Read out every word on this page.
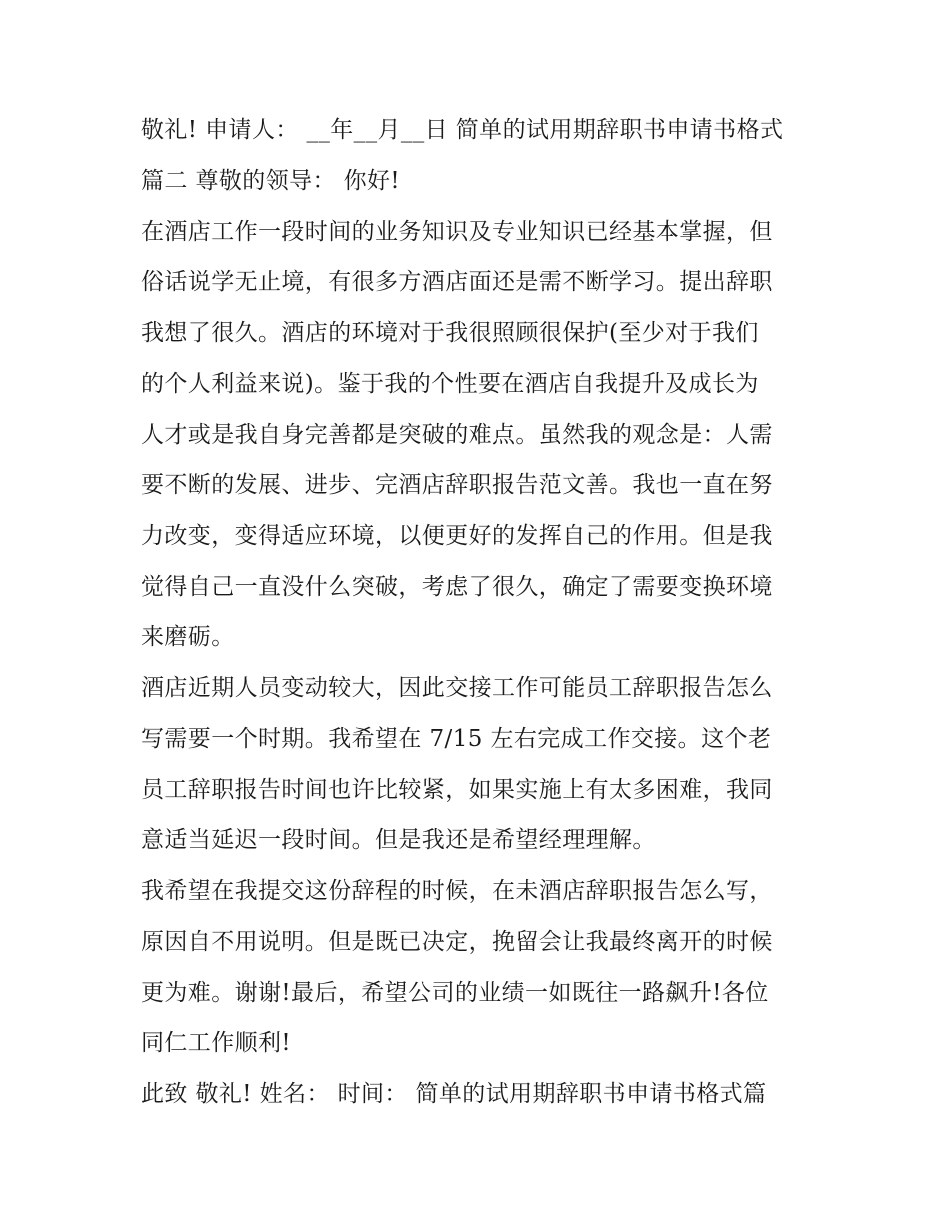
敬礼! 申请人： __年__月__日 简单的试用期辞职书申请书格式
篇二 尊敬的领导： 你好!
在酒店工作一段时间的业务知识及专业知识已经基本掌握，但
俗话说学无止境，有很多方酒店面还是需不断学习。提出辞职
我想了很久。酒店的环境对于我很照顾很保护(至少对于我们
的个人利益来说)。鉴于我的个性要在酒店自我提升及成长为
人才或是我自身完善都是突破的难点。虽然我的观念是：人需
要不断的发展、进步、完酒店辞职报告范文善。我也一直在努
力改变，变得适应环境，以便更好的发挥自己的作用。但是我
觉得自己一直没什么突破，考虑了很久，确定了需要变换环境
来磨砺。
酒店近期人员变动较大，因此交接工作可能员工辞职报告怎么
写需要一个时期。我希望在 7/15 左右完成工作交接。这个老
员工辞职报告时间也许比较紧，如果实施上有太多困难，我同
意适当延迟一段时间。但是我还是希望经理理解。
我希望在我提交这份辞程的时候，在未酒店辞职报告怎么写，
原因自不用说明。但是既已决定，挽留会让我最终离开的时候
更为难。谢谢!最后，希望公司的业绩一如既往一路飙升!各位
同仁工作顺利!
此致 敬礼! 姓名： 时间： 简单的试用期辞职书申请书格式篇
